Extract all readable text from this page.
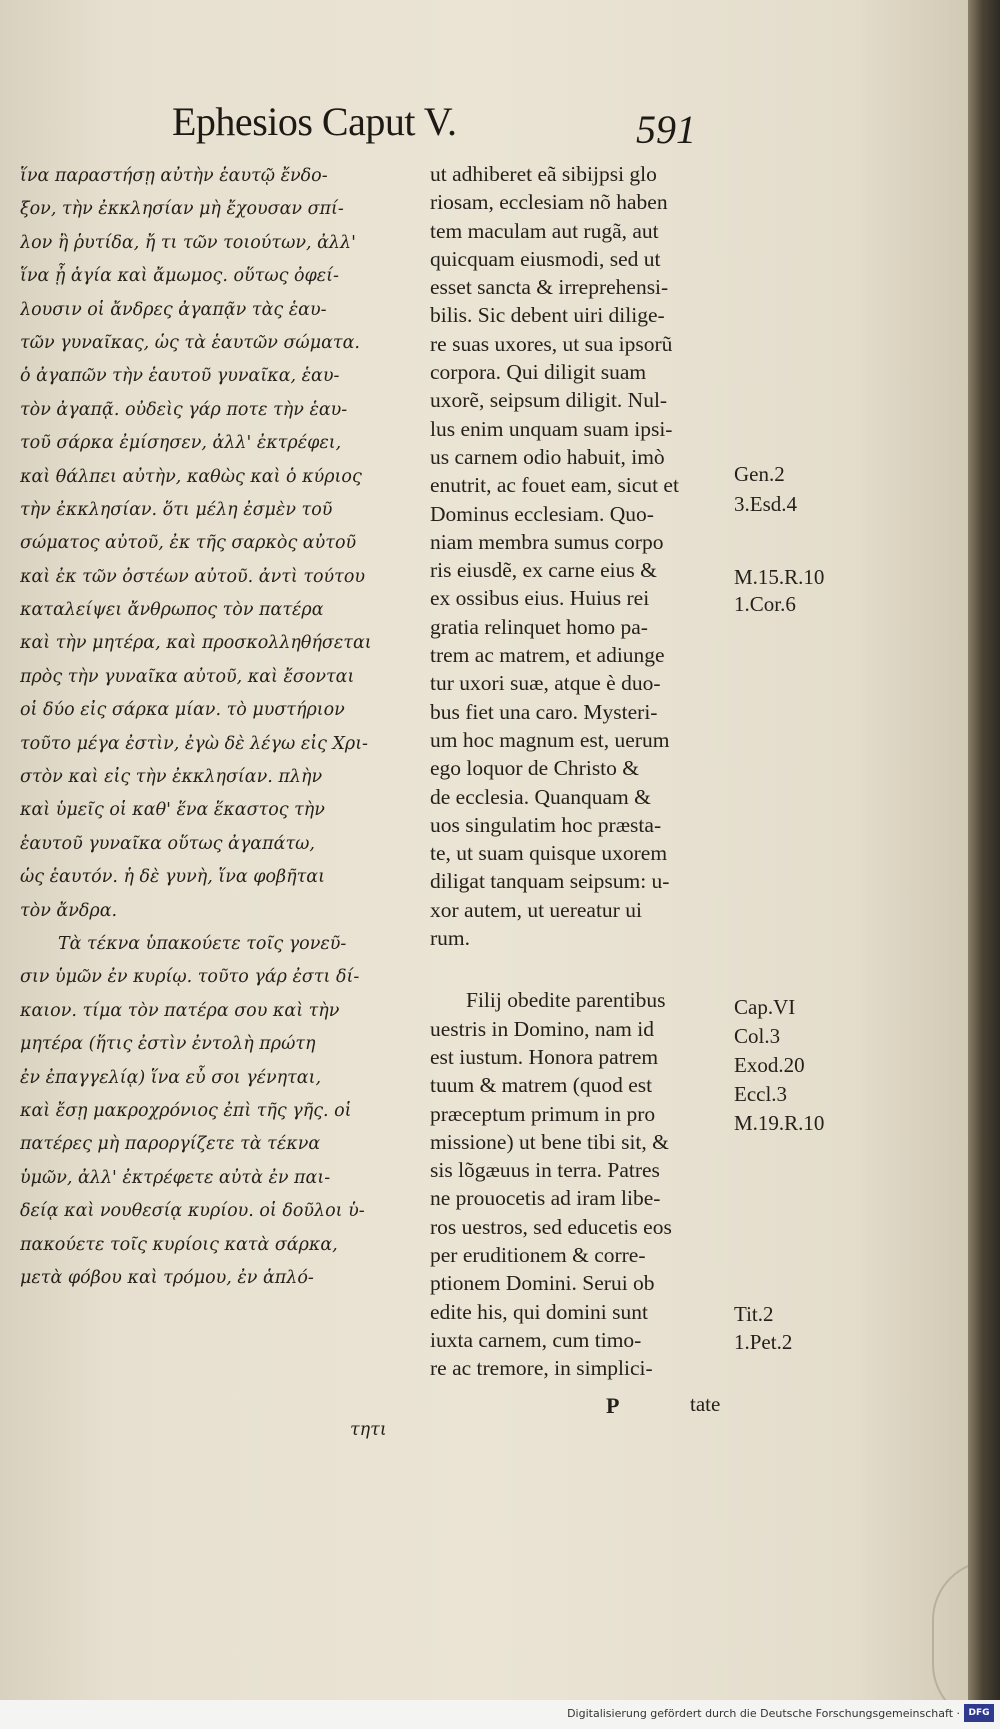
Ephesios Caput V.	591
ἵνα παραστήσῃ αὐτὴν ἑαυτῷ ἔνδο-
ξον, τὴν ἐκκλησίαν μὴ ἔχουσαν σπί-
λον ἢ ῥυτίδα, ἤ τι τῶν τοιούτων, ἀλλ'
ἵνα ᾖ ἁγία καὶ ἄμωμος. οὕτως ὀφεί-
λουσιν οἱ ἄνδρες ἀγαπᾷν τὰς ἑαυ-
τῶν γυναῖκας, ὡς τὰ ἑαυτῶν σώματα.
ὁ ἀγαπῶν τὴν ἑαυτοῦ γυναῖκα, ἑαυ-
τὸν ἀγαπᾷ. οὐδεὶς γάρ ποτε τὴν ἑαυ-
τοῦ σάρκα ἐμίσησεν, ἀλλ' ἐκτρέφει,
καὶ θάλπει αὐτὴν, καθὼς καὶ ὁ κύριος
τὴν ἐκκλησίαν. ὅτι μέλη ἐσμὲν τοῦ
σώματος αὐτοῦ, ἐκ τῆς σαρκὸς αὐτοῦ
καὶ ἐκ τῶν ὀστέων αὐτοῦ. ἀντὶ τούτου
καταλείψει ἄνθρωπος τὸν πατέρα
καὶ τὴν μητέρα, καὶ προσκολληθήσεται
πρὸς τὴν γυναῖκα αὐτοῦ, καὶ ἔσονται
οἱ δύο εἰς σάρκα μίαν. τὸ μυστήριον
τοῦτο μέγα ἐστὶν, ἐγὼ δὲ λέγω εἰς Χρι-
στὸν καὶ εἰς τὴν ἐκκλησίαν. πλὴν
καὶ ὑμεῖς οἱ καθ' ἕνα ἕκαστος τὴν
ἑαυτοῦ γυναῖκα οὕτως ἀγαπάτω,
ὡς ἑαυτόν. ἡ δὲ γυνὴ, ἵνα φοβῆται
τὸν ἄνδρα.
Τὰ τέκνα ὑπακούετε τοῖς γονεῦ-
σιν ὑμῶν ἐν κυρίῳ. τοῦτο γάρ ἐστι δί-
καιον. τίμα τὸν πατέρα σου καὶ τὴν
μητέρα (ἥτις ἐστὶν ἐντολὴ πρώτη
ἐν ἐπαγγελίᾳ) ἵνα εὖ σοι γένηται,
καὶ ἔσῃ μακροχρόνιος ἐπὶ τῆς γῆς. οἱ
πατέρες μὴ παροργίζετε τὰ τέκνα
ὑμῶν, ἀλλ' ἐκτρέφετε αὐτὰ ἐν παι-
δείᾳ καὶ νουθεσίᾳ κυρίου. οἱ δοῦλοι ὑ-
πακούετε τοῖς κυρίοις κατὰ σάρκα,
μετὰ φόβου καὶ τρόμου, ἐν ἁπλό-
τητι
ut adhiberet eã sibijpsi glo
riosam, ecclesiam nõ haben
tem maculam aut rugã, aut
quicquam eiusmodi, sed ut
esset sancta & irreprehensi-
bilis. Sic debent uiri dilige-
re suas uxores, ut sua ipsorũ
corpora. Qui diligit suam
uxorẽ, seipsum diligit. Nul-
lus enim unquam suam ipsi-
us carnem odio habuit, imò
enutrit, ac fouet eam, sicut et
Dominus ecclesiam. Quo-
niam membra sumus corpo
ris eiusdẽ, ex carne eius &
ex ossibus eius. Huius rei
gratia relinquet homo pa-
trem ac matrem, et adiunge
tur uxori suæ, atque è duo-
bus fiet una caro. Mysteri-
um hoc magnum est, uerum
ego loquor de Christo &
de ecclesia. Quanquam &
uos singulatim hoc præsta-
te, ut suam quisque uxorem
diligat tanquam seipsum: u-
xor autem, ut uereatur ui
rum.
Filij obedite parentibus
uestris in Domino, nam id
est iustum. Honora patrem
tuum & matrem (quod est
præceptum primum in pro
missione) ut bene tibi sit, &
sis lõgæuus in terra. Patres
ne prouocetis ad iram libe-
ros uestros, sed educetis eos
per eruditionem & corre-
ptionem Domini. Serui ob
edite his, qui domini sunt
iuxta carnem, cum timo-
re ac tremore, in simplici-
Gen.2
3.Esd.4
M.15.R.10
1.Cor.6
Cap.VI
Col.3
Exod.20
Eccl.3
M.19.R.10
Tit.2
1.Pet.2
P	tate
Digitalisierung gefördert durch die Deutsche Forschungsgemeinschaft · DFG
